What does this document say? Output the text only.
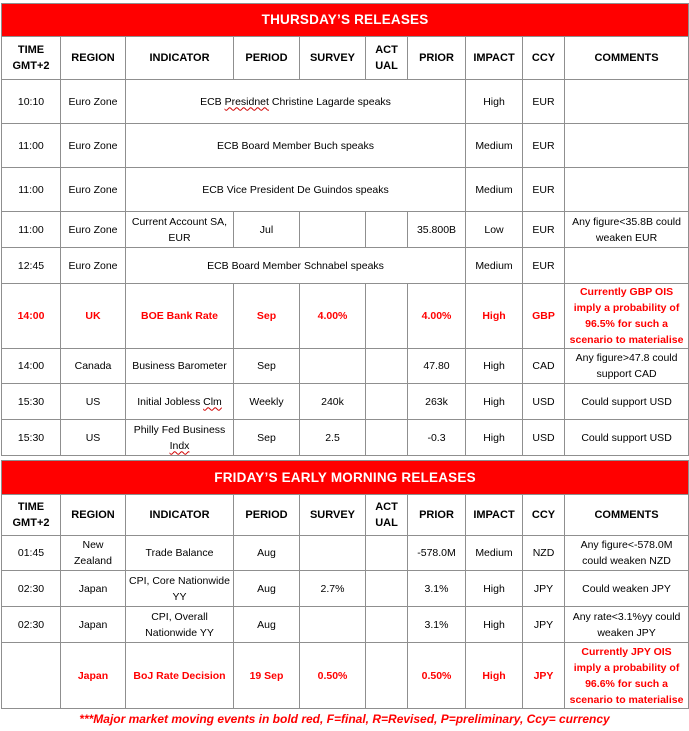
THURSDAY’S RELEASES									
TIME
GMT+2	REGION	INDICATOR	PERIOD	SURVEY	ACT
UAL	PRIOR	IMPACT	CCY	COMMENTS
10:10	Euro Zone	ECB Presidnet Christine Lagarde speaks					High	EUR	
11:00	Euro Zone	ECB Board Member Buch speaks					Medium	EUR	
11:00	Euro Zone	ECB Vice President De Guindos speaks					Medium	EUR	
11:00	Euro Zone	Current Account SA, EUR	Jul			35.800B	Low	EUR	Any figure<35.8B could weaken EUR
12:45	Euro Zone	ECB Board Member Schnabel speaks					Medium	EUR	
14:00	UK	BOE Bank Rate	Sep	4.00%		4.00%	High	GBP	Currently GBP OIS imply a probability of 96.5% for such a scenario to materialise
14:00	Canada	Business Barometer	Sep			47.80	High	CAD	Any figure>47.8 could support CAD
15:30	US	Initial Jobless Clm	Weekly	240k		263k	High	USD	Could support USD
15:30	US	Philly Fed Business Indx	Sep	2.5		-0.3	High	USD	Could support USD
FRIDAY’S EARLY MORNING RELEASES									
TIME
GMT+2	REGION	INDICATOR	PERIOD	SURVEY	ACT
UAL	PRIOR	IMPACT	CCY	COMMENTS
01:45	New Zealand	Trade Balance	Aug			-578.0M	Medium	NZD	Any figure<-578.0M could weaken NZD
02:30	Japan	CPI, Core Nationwide YY	Aug	2.7%		3.1%	High	JPY	Could weaken JPY
02:30	Japan	CPI, Overall Nationwide YY	Aug			3.1%	High	JPY	Any rate<3.1%yy could weaken JPY
	Japan	BoJ Rate Decision	19 Sep	0.50%		0.50%	High	JPY	Currently JPY OIS imply a probability of 96.6% for such a scenario to materialise
***Major market moving events in bold red, F=final, R=Revised, P=preliminary, Ccy= currency
